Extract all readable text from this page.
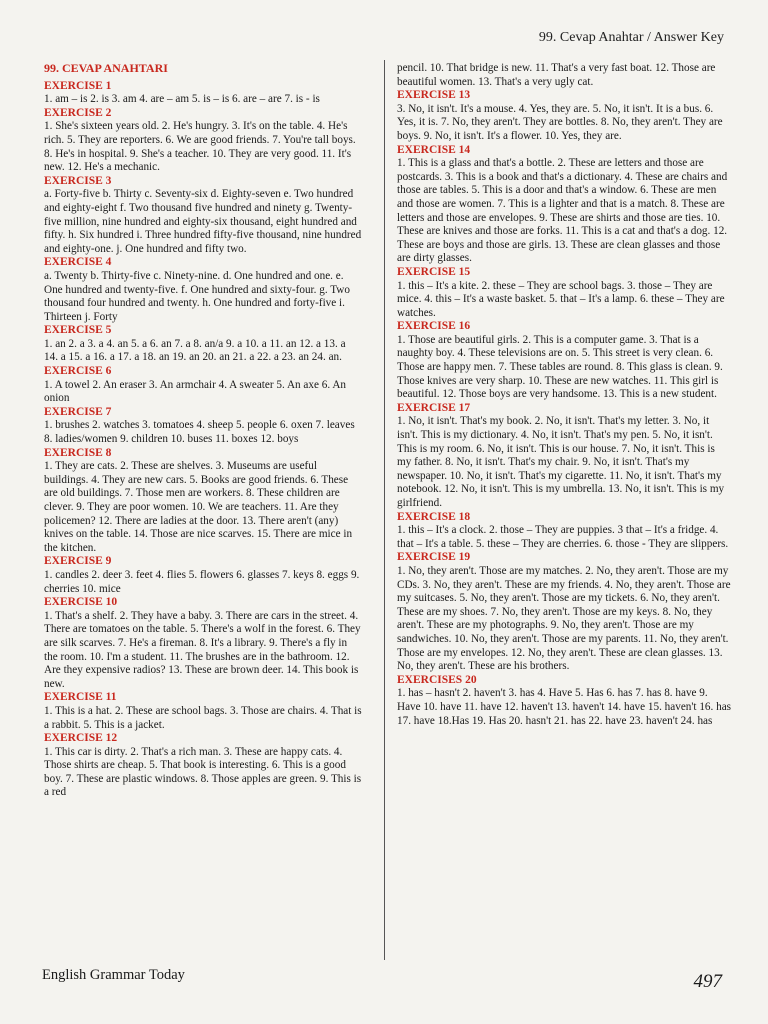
99. Cevap Anahtar / Answer Key
99. CEVAP ANAHTARI
EXERCISE 1
1. am – is 2. is 3. am 4. are – am 5. is – is 6. are – are 7. is - is
EXERCISE 2
1. She's sixteen years old. 2. He's hungry. 3. It's on the table. 4. He's rich. 5. They are reporters. 6. We are good friends. 7. You're tall boys. 8. He's in hospital. 9. She's a teacher. 10. They are very good. 11. It's new. 12. He's a mechanic.
EXERCISE 3
a. Forty-five b. Thirty c. Seventy-six d. Eighty-seven e. Two hundred and eighty-eight f. Two thousand five hundred and ninety g. Twenty-five million, nine hundred and eighty-six thousand, eight hundred and fifty. h. Six hundred i. Three hundred fifty-five thousand, nine hundred and eighty-one. j. One hundred and fifty two.
EXERCISE 4
a. Twenty b. Thirty-five c. Ninety-nine. d. One hundred and one. e. One hundred and twenty-five. f. One hundred and sixty-four. g. Two thousand four hundred and twenty. h. One hundred and forty-five i. Thirteen j. Forty
EXERCISE 5
1. an 2. a 3. a 4. an 5. a 6. an 7. a 8. an/a 9. a 10. a 11. an 12. a 13. a 14. a 15. a 16. a 17. a 18. an 19. an 20. an 21. a 22. a 23. an 24. an.
EXERCISE 6
1. A towel 2. An eraser 3. An armchair 4. A sweater 5. An axe 6. An onion
EXERCISE 7
1. brushes 2. watches 3. tomatoes 4. sheep 5. people 6. oxen 7. leaves 8. ladies/women 9. children 10. buses 11. boxes 12. boys
EXERCISE 8
1. They are cats. 2. These are shelves. 3. Museums are useful buildings. 4. They are new cars. 5. Books are good friends. 6. These are old buildings. 7. Those men are workers. 8. These children are clever. 9. They are poor women. 10. We are teachers. 11. Are they policemen? 12. There are ladies at the door. 13. There aren't (any) knives on the table. 14. Those are nice scarves. 15. There are mice in the kitchen.
EXERCISE 9
1. candles 2. deer 3. feet 4. flies 5. flowers 6. glasses 7. keys 8. eggs 9. cherries 10. mice
EXERCISE 10
1. That's a shelf. 2. They have a baby. 3. There are cars in the street. 4. There are tomatoes on the table. 5. There's a wolf in the forest. 6. They are silk scarves. 7. He's a fireman. 8. It's a library. 9. There's a fly in the room. 10. I'm a student. 11. The brushes are in the bathroom. 12. Are they expensive radios? 13. These are brown deer. 14. This book is new.
EXERCISE 11
1. This is a hat. 2. These are school bags. 3. Those are chairs. 4. That is a rabbit. 5. This is a jacket.
EXERCISE 12
1. This car is dirty. 2. That's a rich man. 3. These are happy cats. 4. Those shirts are cheap. 5. That book is interesting. 6. This is a good boy. 7. These are plastic windows. 8. Those apples are green. 9. This is a red
pencil. 10. That bridge is new. 11. That's a very fast boat. 12. Those are beautiful women. 13. That's a very ugly cat.
EXERCISE 13
3. No, it isn't. It's a mouse. 4. Yes, they are. 5. No, it isn't. It is a bus. 6. Yes, it is. 7. No, they aren't. They are bottles. 8. No, they aren't. They are boys. 9. No, it isn't. It's a flower. 10. Yes, they are.
EXERCISE 14
1. This is a glass and that's a bottle. 2. These are letters and those are postcards. 3. This is a book and that's a dictionary. 4. These are chairs and those are tables. 5. This is a door and that's a window. 6. These are men and those are women. 7. This is a lighter and that is a match. 8. These are letters and those are envelopes. 9. These are shirts and those are ties. 10. These are knives and those are forks. 11. This is a cat and that's a dog. 12. These are boys and those are girls. 13. These are clean glasses and those are dirty glasses.
EXERCISE 15
1. this – It's a kite. 2. these – They are school bags. 3. those – They are mice. 4. this – It's a waste basket. 5. that – It's a lamp. 6. these – They are watches.
EXERCISE 16
1. Those are beautiful girls. 2. This is a computer game. 3. That is a naughty boy. 4. These televisions are on. 5. This street is very clean. 6. Those are happy men. 7. These tables are round. 8. This glass is clean. 9. Those knives are very sharp. 10. These are new watches. 11. This girl is beautiful. 12. Those boys are very handsome. 13. This is a new student.
EXERCISE 17
1. No, it isn't. That's my book. 2. No, it isn't. That's my letter. 3. No, it isn't. This is my dictionary. 4. No, it isn't. That's my pen. 5. No, it isn't. This is my room. 6. No, it isn't. This is our house. 7. No, it isn't. This is my father. 8. No, it isn't. That's my chair. 9. No, it isn't. That's my newspaper. 10. No, it isn't. That's my cigarette. 11. No, it isn't. That's my notebook. 12. No, it isn't. This is my umbrella. 13. No, it isn't. This is my girlfriend.
EXERCISE 18
1. this – It's a clock. 2. those – They are puppies. 3 that – It's a fridge. 4. that – It's a table. 5. these – They are cherries. 6. those - They are slippers.
EXERCISE 19
1. No, they aren't. Those are my matches. 2. No, they aren't. Those are my CDs. 3. No, they aren't. These are my friends. 4. No, they aren't. Those are my suitcases. 5. No, they aren't. Those are my tickets. 6. No, they aren't. These are my shoes. 7. No, they aren't. Those are my keys. 8. No, they aren't. These are my photographs. 9. No, they aren't. Those are my sandwiches. 10. No, they aren't. Those are my parents. 11. No, they aren't. Those are my envelopes. 12. No, they aren't. These are clean glasses. 13. No, they aren't. These are his brothers.
EXERCISES 20
1. has – hasn't 2. haven't 3. has 4. Have 5. Has 6. has 7. has 8. have 9. Have 10. have 11. have 12. haven't 13. haven't 14. have 15. haven't 16. has 17. have 18.Has 19. Has 20. hasn't 21. has 22. have 23. haven't 24. has
English Grammar Today	497
